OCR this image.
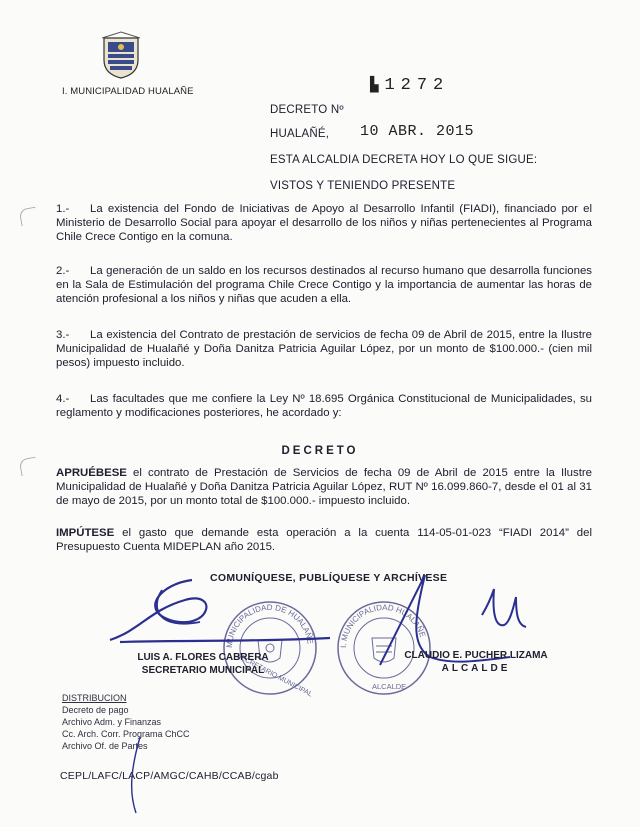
I. MUNICIPALIDAD HUALAÑE	▙ 1272
DECRETO Nº
HUALAÑÉ, 10 ABR. 2015
ESTA ALCALDIA DECRETA HOY LO QUE SIGUE:
VISTOS Y TENIENDO PRESENTE
1.- La existencia del Fondo de Iniciativas de Apoyo al Desarrollo Infantil (FIADI), financiado por el Ministerio de Desarrollo Social para apoyar el desarrollo de los niños y niñas pertenecientes al Programa Chile Crece Contigo en la comuna.
2.- La generación de un saldo en los recursos destinados al recurso humano que desarrolla funciones en la Sala de Estimulación del programa Chile Crece Contigo y la importancia de aumentar las horas de atención profesional a los niños y niñas que acuden a ella.
3.- La existencia del Contrato de prestación de servicios de fecha 09 de Abril de 2015, entre la Ilustre Municipalidad de Hualañé y Doña Danitza Patricia Aguilar López, por un monto de $100.000.- (cien mil pesos) impuesto incluido.
4.- Las facultades que me confiere la Ley Nº 18.695 Orgánica Constitucional de Municipalidades, su reglamento y modificaciones posteriores, he acordado y:
DECRETO
APRUÉBESE el contrato de Prestación de Servicios de fecha 09 de Abril de 2015 entre la Ilustre Municipalidad de Hualañé y Doña Danitza Patricia Aguilar López, RUT Nº 16.099.860-7, desde el 01 al 31 de mayo de 2015, por un monto total de $100.000.- impuesto incluido.
IMPÚTESE el gasto que demande esta operación a la cuenta 114-05-01-023 “FIADI 2014” del Presupuesto Cuenta MIDEPLAN año 2015.
COMUNÍQUESE, PUBLÍQUESE Y ARCHÍVESE
MUNICIPALIDAD DE HUALAÑE
SECRETARIO MUNICIPAL
I. MUNICIPALIDAD HUALAÑE
ALCALDE
LUIS A. FLORES CABRERA
SECRETARIO MUNICIPAL
CLAUDIO E. PUCHER LIZAMA
ALCALDE
DISTRIBUCION
Decreto de pago
Archivo Adm. y Finanzas
Cc. Arch. Corr. Programa ChCC
Archivo Of. de Partes
CEPL/LAFC/LACP/AMGC/CAHB/CCAB/cgab
